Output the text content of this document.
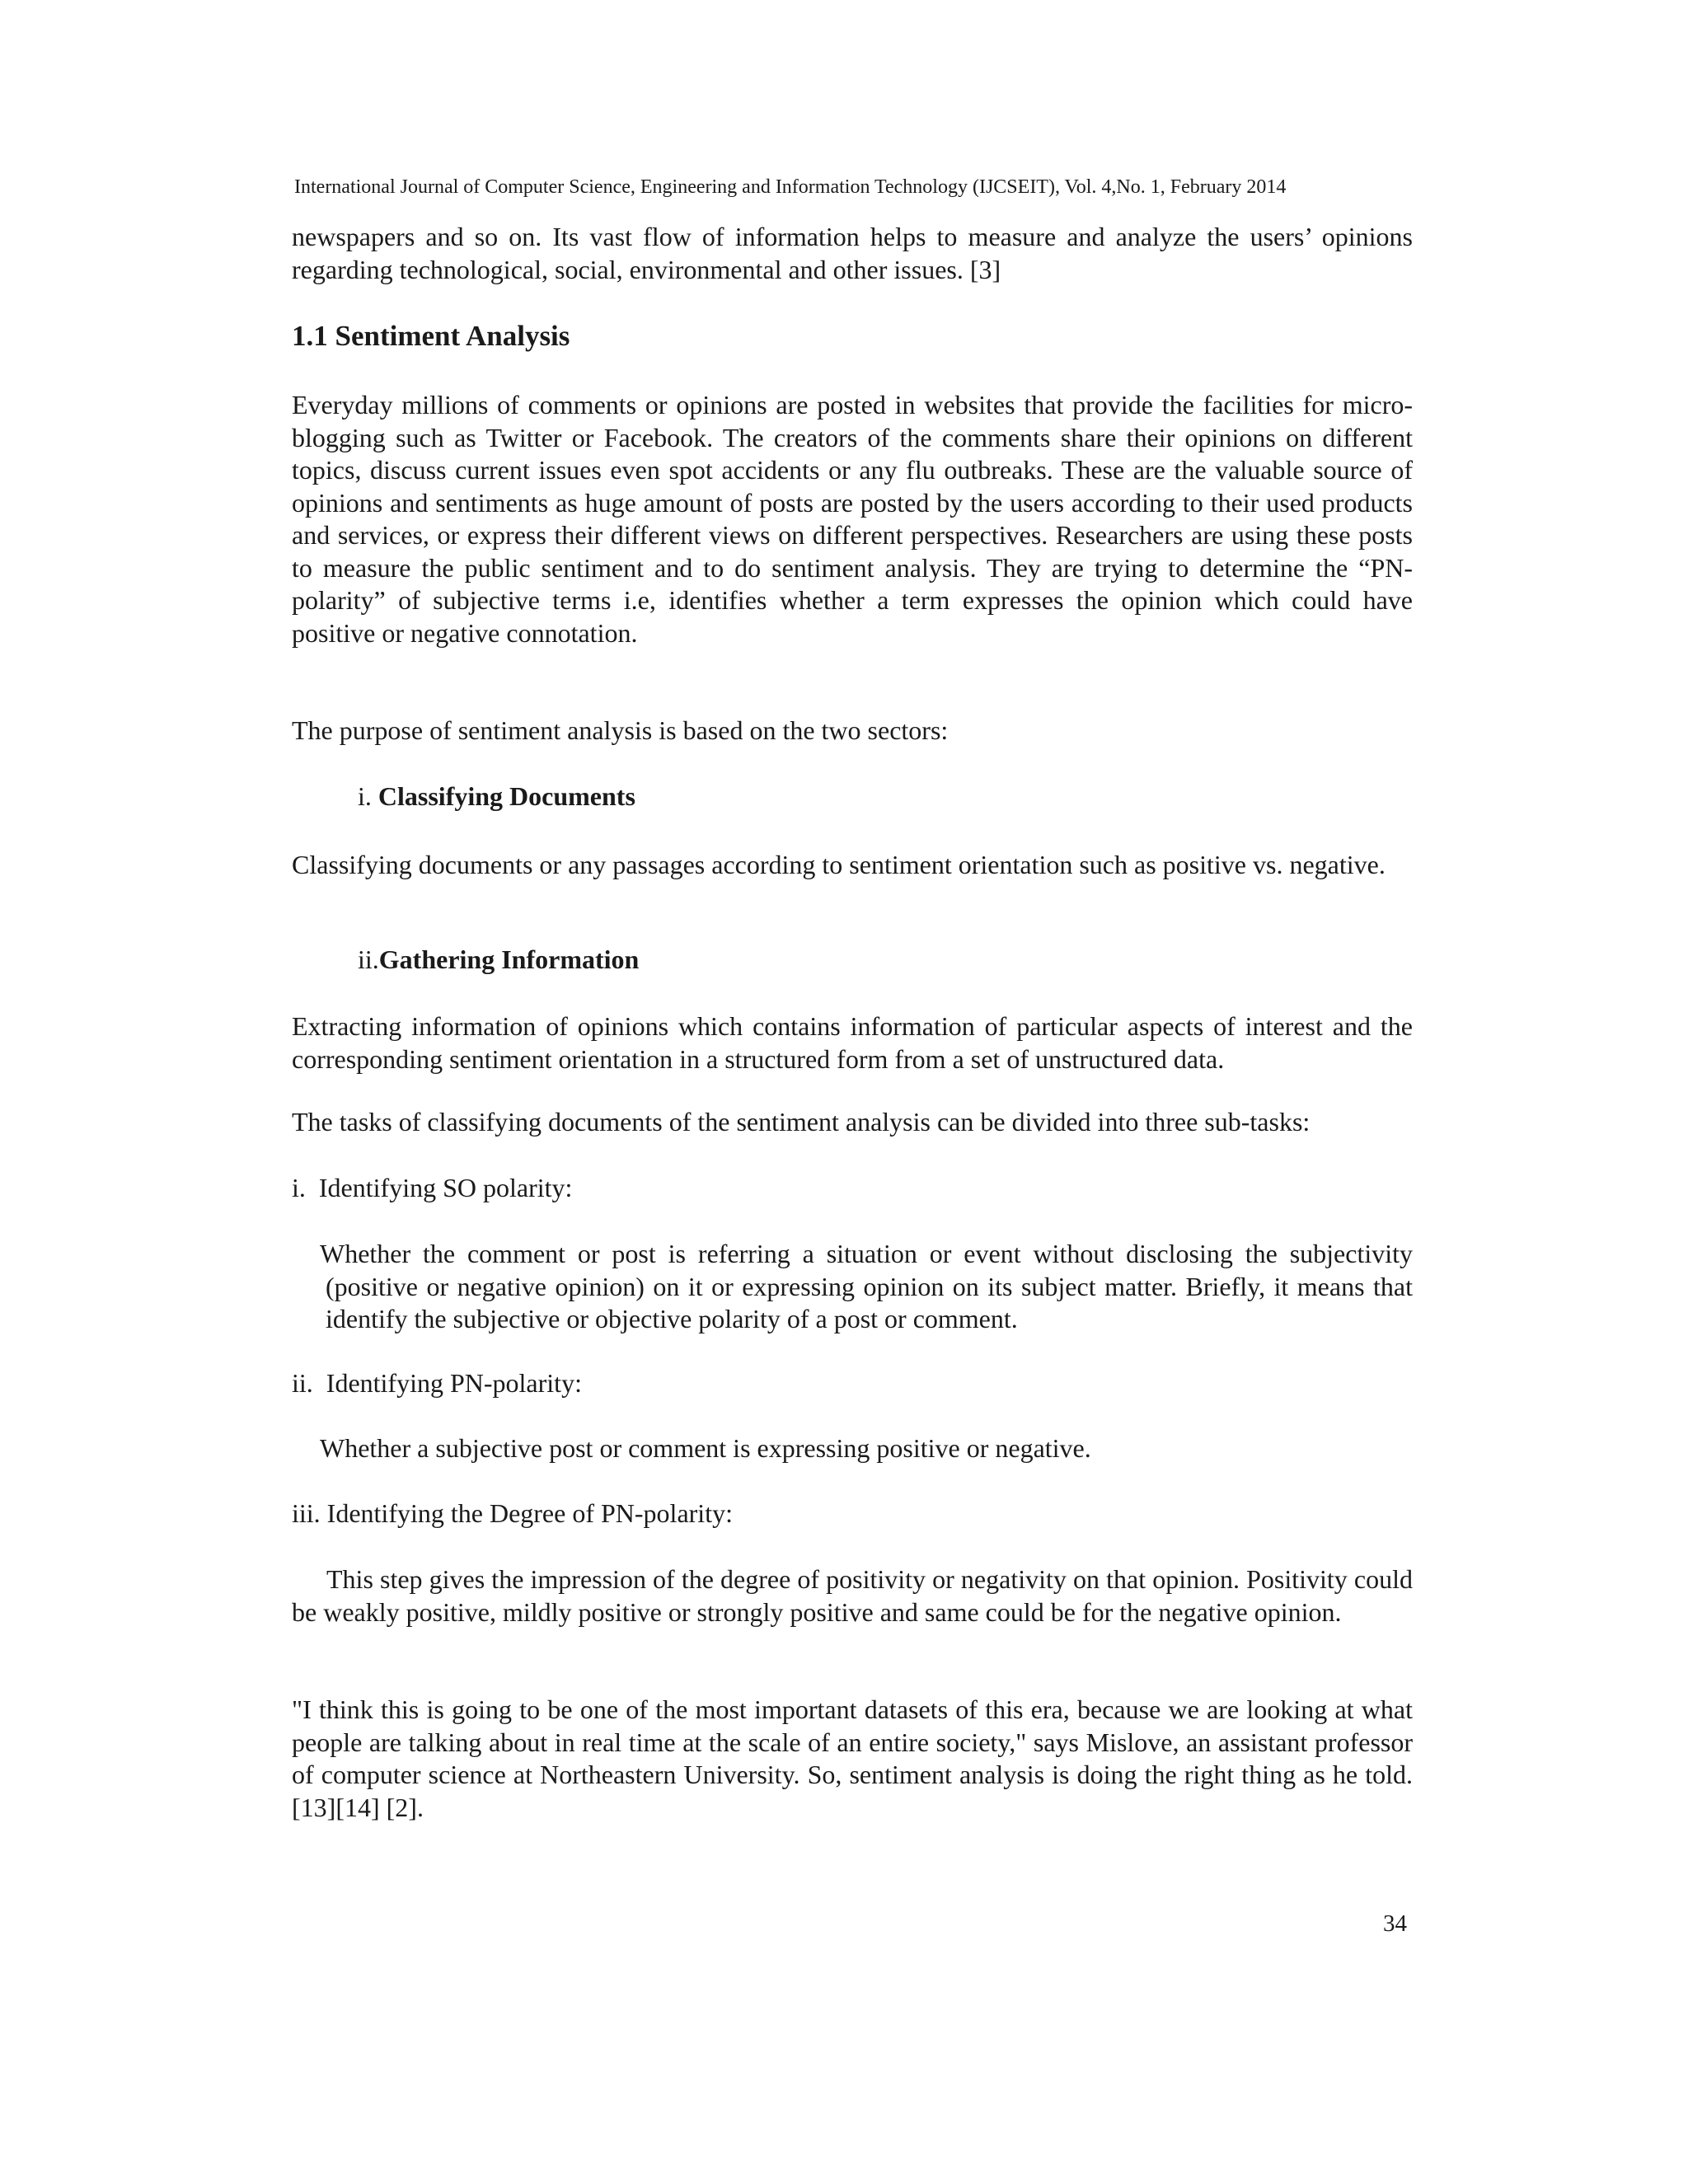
International Journal of Computer Science, Engineering and Information Technology (IJCSEIT), Vol. 4,No. 1, February 2014

newspapers and so on. Its vast flow of information helps to measure and analyze the users’ opinions regarding technological, social, environmental and other issues. [3]

1.1 Sentiment Analysis

Everyday millions of comments or opinions are posted in websites that provide the facilities for micro-blogging such as Twitter or Facebook. The creators of the comments share their opinions on different topics, discuss current issues even spot accidents or any flu outbreaks. These are the valuable source of opinions and sentiments as huge amount of posts are posted by the users according to their used products and services, or express their different views on different perspectives. Researchers are using these posts to measure the public sentiment and to do sentiment analysis. They are trying to determine the “PN-polarity” of subjective terms i.e, identifies whether a term expresses the opinion which could have positive or negative connotation.

The purpose of sentiment analysis is based on the two sectors:

i. Classifying Documents

Classifying documents or any passages according to sentiment orientation such as positive vs. negative.

ii.Gathering Information

Extracting information of opinions which contains information of particular aspects of interest and the corresponding sentiment orientation in a structured form from a set of unstructured data.

The tasks of classifying documents of the sentiment analysis can be divided into three sub-tasks:

i.  Identifying SO polarity:

Whether the comment or post is referring a situation or event without disclosing the subjectivity (positive or negative opinion) on it or expressing opinion on its subject matter. Briefly, it means that identify the subjective or objective polarity of a post or comment.

ii.  Identifying PN-polarity:

Whether a subjective post or comment is expressing positive or negative.

iii. Identifying the Degree of PN-polarity:

This step gives the impression of the degree of positivity or negativity on that opinion. Positivity could be weakly positive, mildly positive or strongly positive and same could be for the negative opinion.

"I think this is going to be one of the most important datasets of this era, because we are looking at what people are talking about in real time at the scale of an entire society," says Mislove, an assistant professor of computer science at Northeastern University. So, sentiment analysis is doing the right thing as he told. [13][14] [2].

34
